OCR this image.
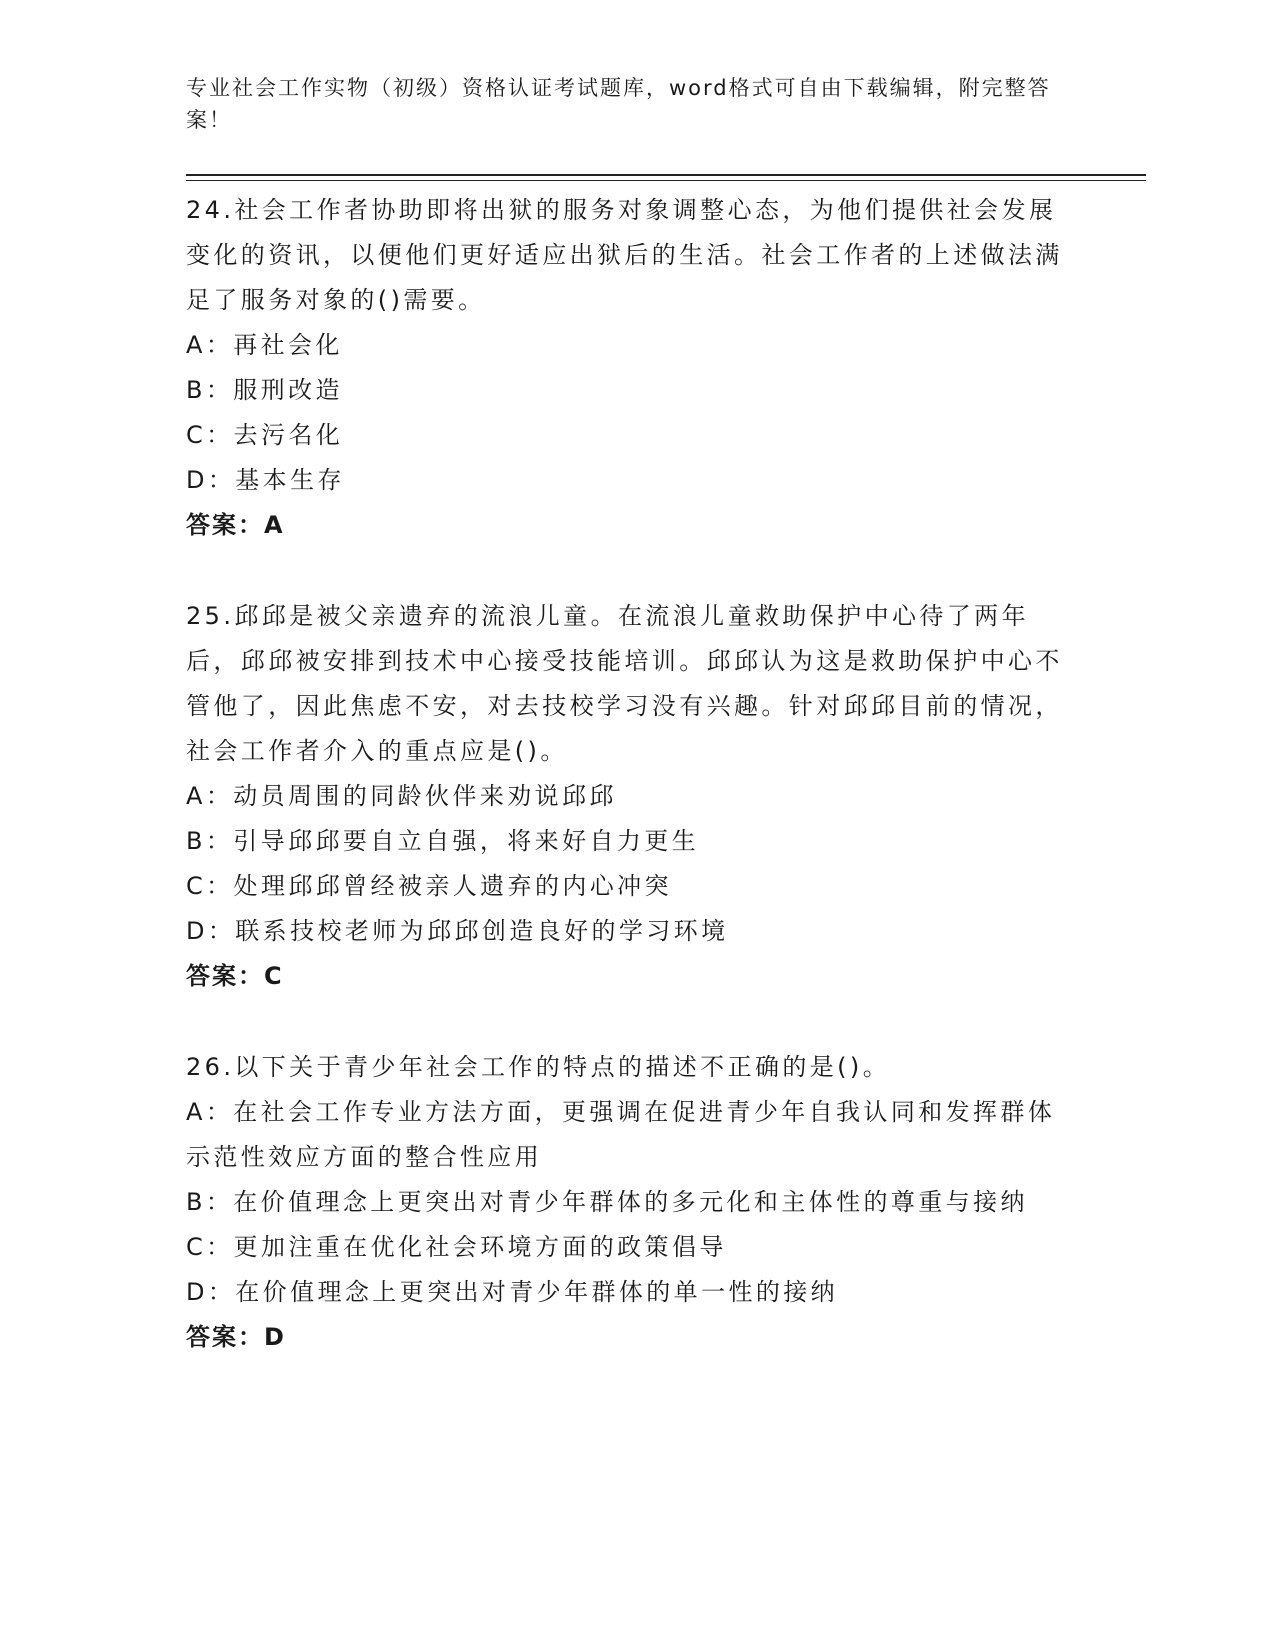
专业社会工作实物（初级）资格认证考试题库，word格式可自由下载编辑，附完整答案！
24.社会工作者协助即将出狱的服务对象调整心态，为他们提供社会发展变化的资讯，以便他们更好适应出狱后的生活。社会工作者的上述做法满足了服务对象的()需要。
A：再社会化
B：服刑改造
C：去污名化
D：基本生存
答案：A
25.邱邱是被父亲遗弃的流浪儿童。在流浪儿童救助保护中心待了两年后，邱邱被安排到技术中心接受技能培训。邱邱认为这是救助保护中心不管他了，因此焦虑不安，对去技校学习没有兴趣。针对邱邱目前的情况，社会工作者介入的重点应是()。
A：动员周围的同龄伙伴来劝说邱邱
B：引导邱邱要自立自强，将来好自力更生
C：处理邱邱曾经被亲人遗弃的内心冲突
D：联系技校老师为邱邱创造良好的学习环境
答案：C
26.以下关于青少年社会工作的特点的描述不正确的是()。
A：在社会工作专业方法方面，更强调在促进青少年自我认同和发挥群体示范性效应方面的整合性应用
B：在价值理念上更突出对青少年群体的多元化和主体性的尊重与接纳
C：更加注重在优化社会环境方面的政策倡导
D：在价值理念上更突出对青少年群体的单一性的接纳
答案：D
